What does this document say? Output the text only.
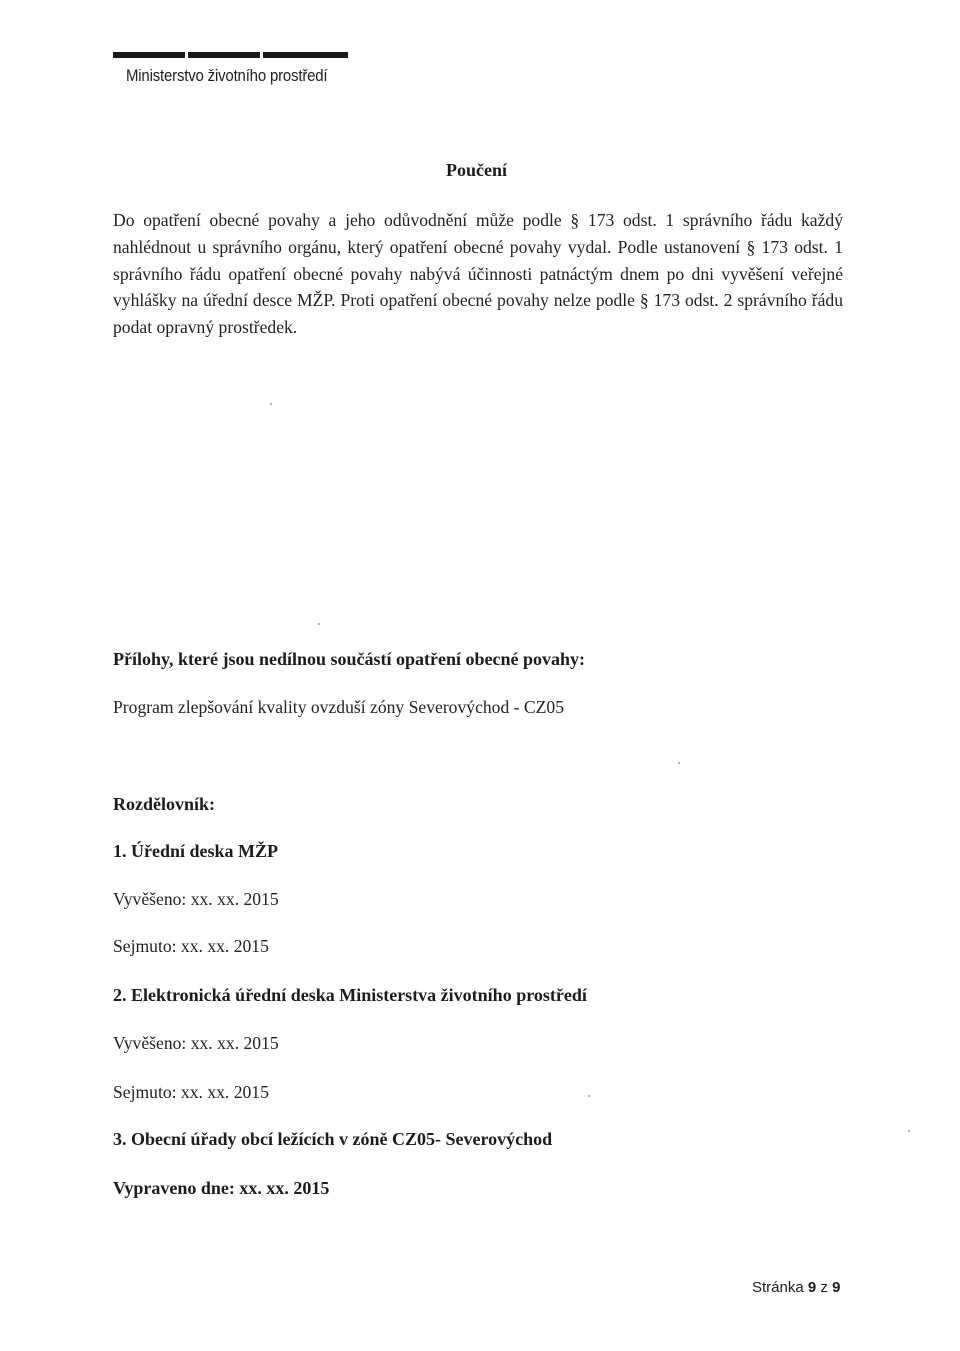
Ministerstvo životního prostředí
Poučení
Do opatření obecné povahy a jeho odůvodnění může podle § 173 odst. 1 správního řádu každý nahlédnout u správního orgánu, který opatření obecné povahy vydal. Podle ustanovení § 173 odst. 1 správního řádu opatření obecné povahy nabývá účinnosti patnáctým dnem po dni vyvěšení veřejné vyhlášky na úřední desce MŽP. Proti opatření obecné povahy nelze podle § 173 odst. 2 správního řádu podat opravný prostředek.
Přílohy, které jsou nedílnou součástí opatření obecné povahy:
Program zlepšování kvality ovzduší zóny Severovýchod - CZ05
Rozdělovník:
1. Úřední deska MŽP
Vyvěšeno: xx. xx. 2015
Sejmuto: xx. xx. 2015
2. Elektronická úřední deska Ministerstva životního prostředí
Vyvěšeno: xx. xx. 2015
Sejmuto: xx. xx. 2015
3. Obecní úřady obcí ležících v zóně CZ05- Severovýchod
Vypraveno dne: xx. xx. 2015
Stránka 9 z 9
